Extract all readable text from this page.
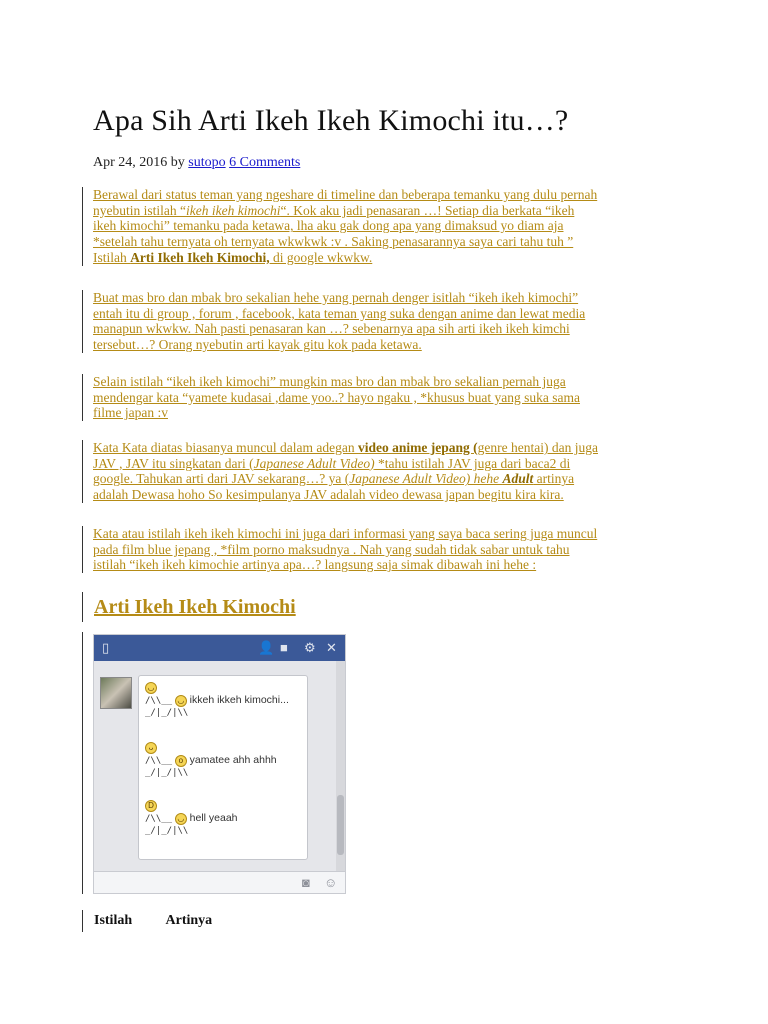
Apa Sih Arti Ikeh Ikeh Kimochi itu…?
Apr 24, 2016 by sutopo 6 Comments
Berawal dari status teman yang ngeshare di timeline dan beberapa temanku yang dulu pernah
nyebutin istilah “ikeh ikeh kimochi“. Kok aku jadi penasaran …! Setiap dia berkata “ikeh
ikeh kimochi” temanku pada ketawa, lha aku gak dong apa yang dimaksud yo diam aja
*setelah tahu ternyata oh ternyata wkwkwk :v . Saking penasarannya saya cari tahu tuh ”
Istilah Arti Ikeh Ikeh Kimochi, di google wkwkw.
Buat mas bro dan mbak bro sekalian hehe yang pernah denger isitlah “ikeh ikeh kimochi”
entah itu di group , forum , facebook, kata teman yang suka dengan anime dan lewat media
manapun wkwkw. Nah pasti penasaran kan …? sebenarnya apa sih arti ikeh ikeh kimchi
tersebut…? Orang nyebutin arti kayak gitu kok pada ketawa.
Selain istilah “ikeh ikeh kimochi” mungkin mas bro dan mbak bro sekalian pernah juga
mendengar kata “yamete kudasai ,dame yoo..? hayo ngaku , *khusus buat yang suka sama
filme japan :v
Kata Kata diatas biasanya muncul dalam adegan video anime jepang (genre hentai) dan juga
JAV , JAV itu singkatan dari (Japanese Adult Video) *tahu istilah JAV juga dari baca2 di
google. Tahukan arti dari JAV sekarang…? ya (Japanese Adult Video) hehe Adult artinya
adalah Dewasa hoho So kesimpulanya JAV adalah video dewasa japan begitu kira kira.
Kata atau istilah ikeh ikeh kimochi ini juga dari informasi yang saya baca sering juga muncul
pada film blue jepang , *film porno maksudnya . Nah yang sudah tidak sabar untuk tahu
istilah “ikeh ikeh kimochie artinya apa…? langsung saja simak dibawah ini hehe :
Arti Ikeh Ikeh Kimochi
▯	👤 ■ ⚙ ✕
◡
/\\__ ◡ ikkeh ikkeh kimochi...
_/|_/|\\
ᴗ
/\\__ o yamatee ahh ahhh
_/|_/|\\
D
/\\__ ◡ hell yeaah
_/|_/|\\
◙ ☺
Istilah Artinya
